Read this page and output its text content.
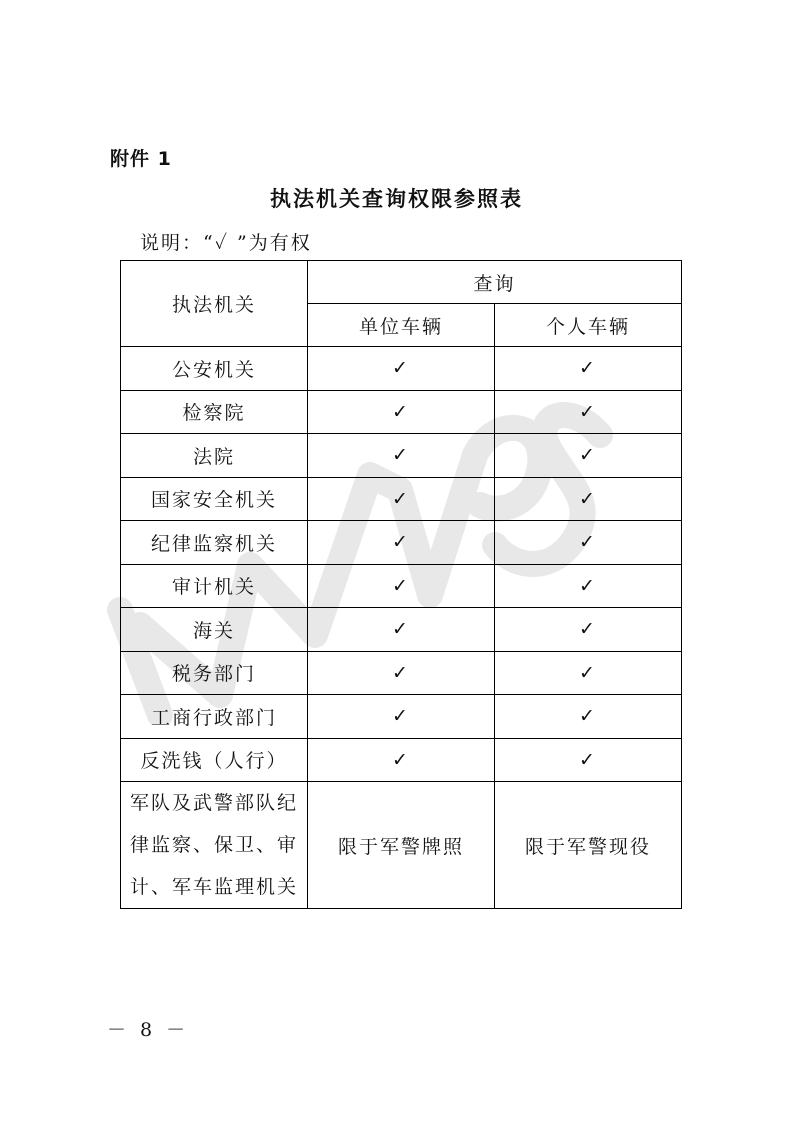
附件 1
执法机关查询权限参照表
说明：“✓ ”为有权
执法机关	查询	
	单位车辆	个人车辆
公安机关	✓	✓
检察院	✓	✓
法院	✓	✓
国家安全机关	✓	✓
纪律监察机关	✓	✓
审计机关	✓	✓
海关	✓	✓
税务部门	✓	✓
工商行政部门	✓	✓
反洗钱（人行）	✓	✓
军队及武警部队纪律监察、保卫、审计、军车监理机关	限于军警牌照	限于军警现役
－ 8 －
